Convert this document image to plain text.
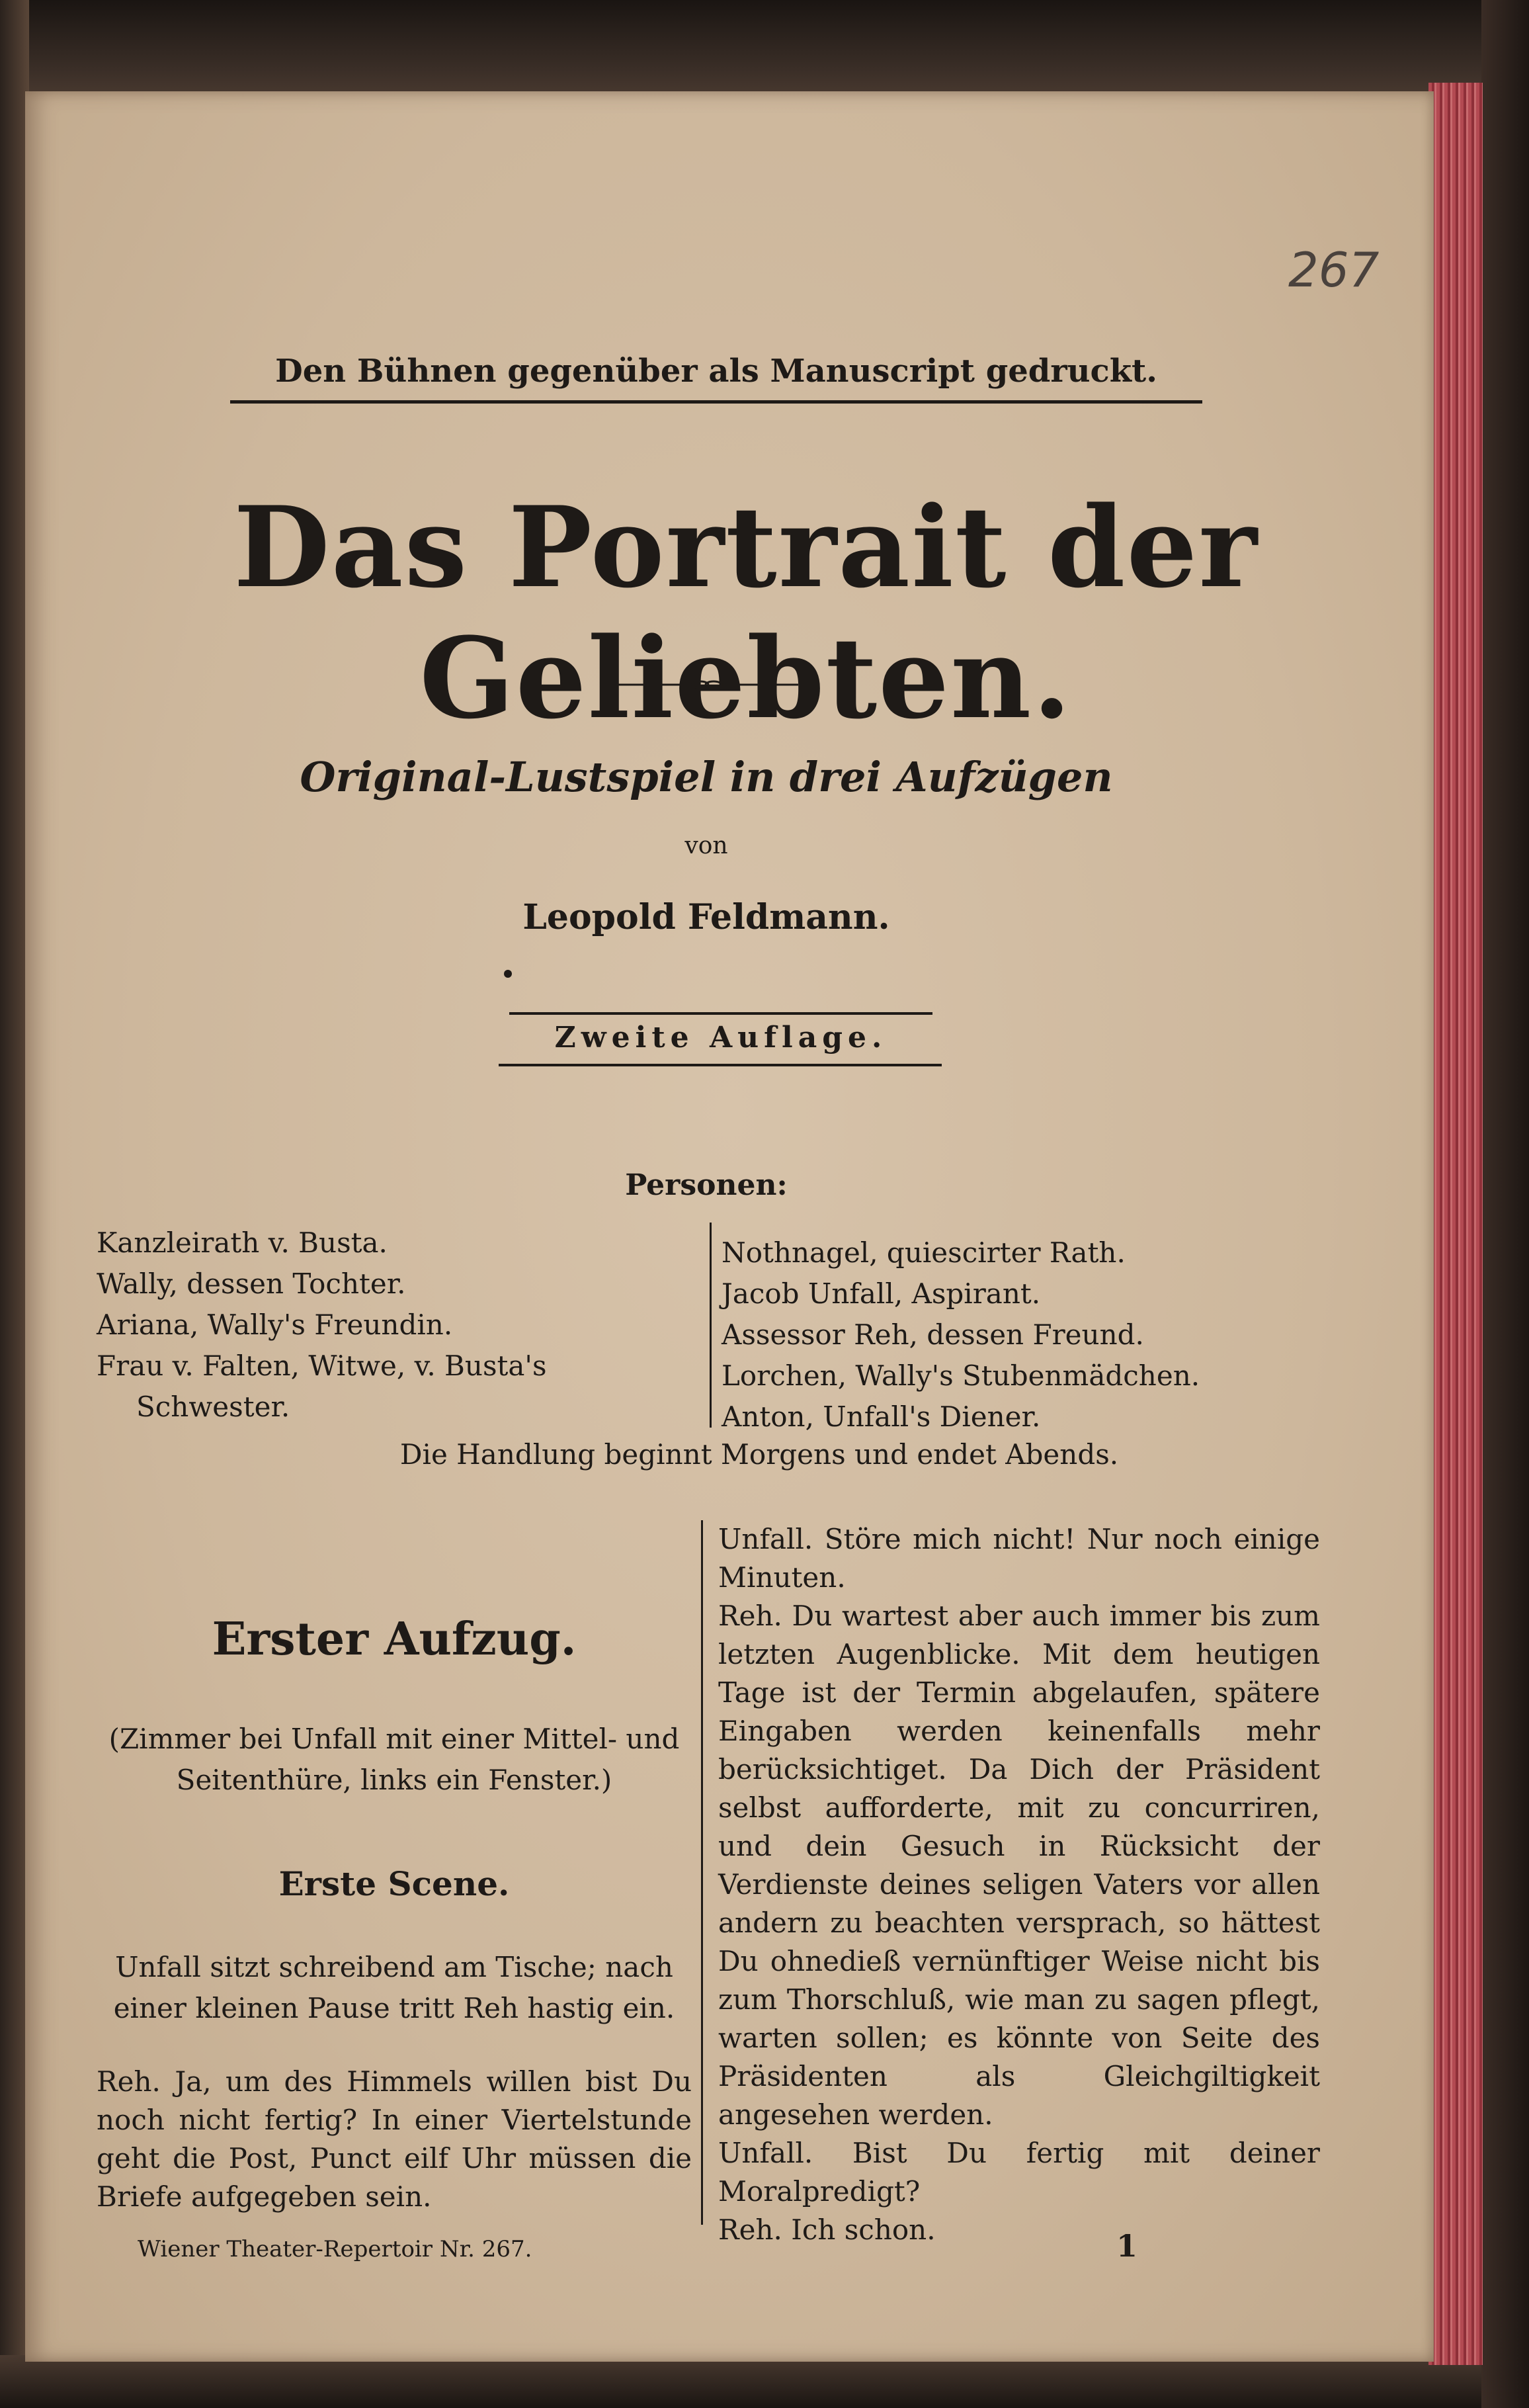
267
Den Bühnen gegenüber als Manuscript gedruckt.
Das Portrait der Geliebten.
Original-Lustspiel in drei Aufzügen
von
Leopold Feldmann.
Zweite Auflage.
Personen:
Kanzleirath v. Busta.
Wally, dessen Tochter.
Ariana, Wally's Freundin.
Frau v. Falten, Witwe, v. Busta's
Schwester.
Nothnagel, quiescirter Rath.
Jacob Unfall, Aspirant.
Assessor Reh, dessen Freund.
Lorchen, Wally's Stubenmädchen.
Anton, Unfall's Diener.
Die Handlung beginnt Morgens und endet Abends.
Erster Aufzug.
(Zimmer bei Unfall mit einer Mittel- und Seitenthüre, links ein Fenster.)
Erste Scene.
Unfall sitzt schreibend am Tische; nach einer kleinen Pause tritt Reh hastig ein.
Reh. Ja, um des Himmels willen bist Du noch nicht fertig? In einer Viertelstunde geht die Post, Punct eilf Uhr müssen die Briefe aufgegeben sein.

Unfall. Störe mich nicht! Nur noch einige Minuten.

Reh. Du wartest aber auch immer bis zum letzten Augenblicke. Mit dem heutigen Tage ist der Termin abgelaufen, spätere Eingaben werden keinenfalls mehr berücksichtiget. Da Dich der Präsident selbst aufforderte, mit zu concurriren, und dein Gesuch in Rücksicht der Verdienste deines seligen Vaters vor allen andern zu beachten versprach, so hättest Du ohnedieß vernünftiger Weise nicht bis zum Thorschluß, wie man zu sagen pflegt, warten sollen; es könnte von Seite des Präsidenten als Gleichgiltigkeit angesehen werden.

Unfall. Bist Du fertig mit deiner Moralpredigt?

Reh. Ich schon.

Wiener Theater-Repertoir Nr. 267.	1
